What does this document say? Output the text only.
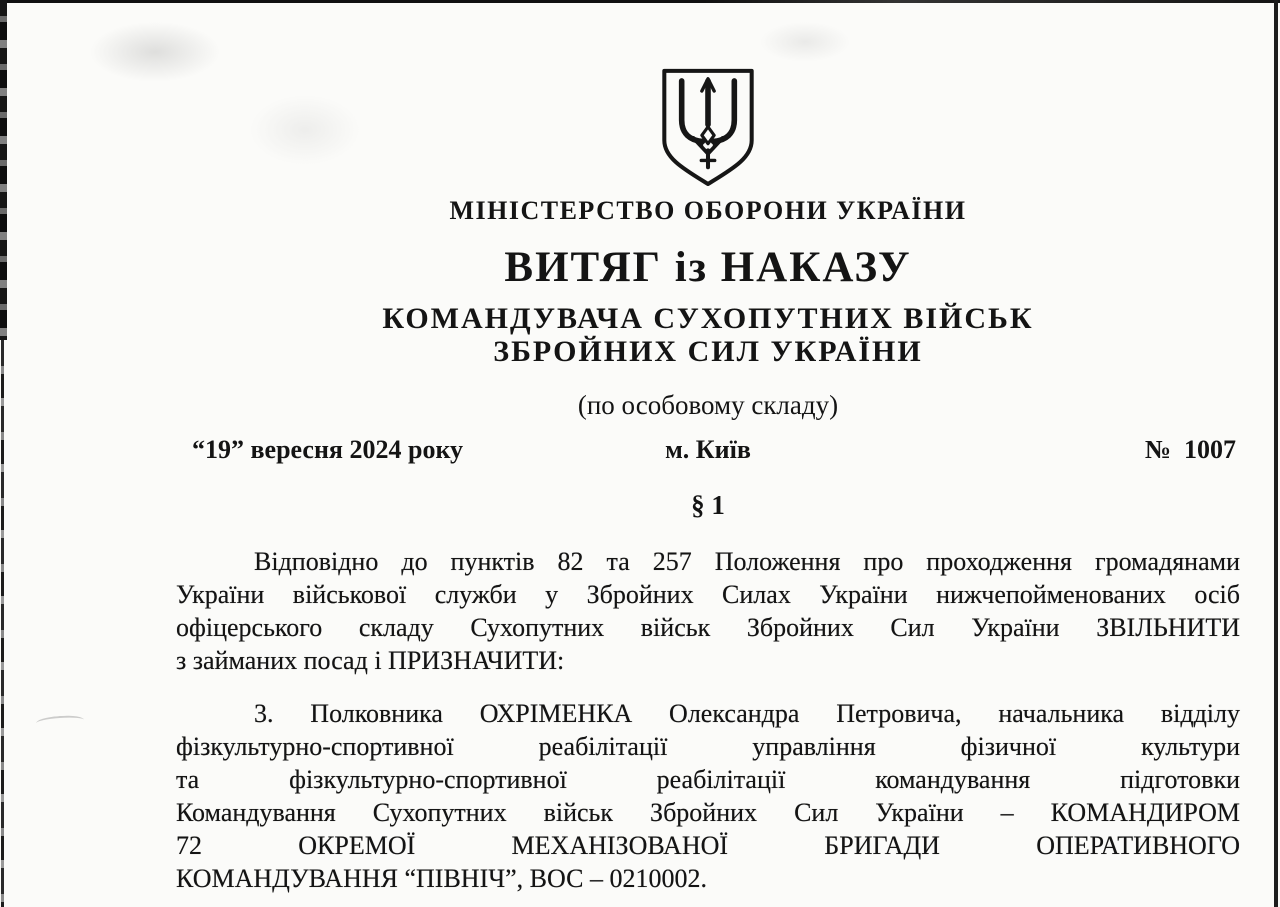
МІНІСТЕРСТВО ОБОРОНИ УКРАЇНИ
ВИТЯГ із НАКАЗУ
КОМАНДУВАЧА СУХОПУТНИХ ВІЙСЬК
ЗБРОЙНИХ СИЛ УКРАЇНИ
(по особовому складу)
“19” вересня 2024 року	м. Київ	№  1007
§ 1
Відповідно до пунктів 82 та 257 Положення про проходження громадянами
України військової служби у Збройних Силах України нижчепойменованих осіб
офіцерського складу Сухопутних військ Збройних Сил України ЗВІЛЬНИТИ
з займаних посад і ПРИЗНАЧИТИ:
3. Полковника ОХРІМЕНКА Олександра Петровича, начальника відділу
фізкультурно-спортивної реабілітації управління фізичної культури
та фізкультурно-спортивної реабілітації командування підготовки
Командування Сухопутних військ Збройних Сил України – КОМАНДИРОМ
72 ОКРЕМОЇ МЕХАНІЗОВАНОЇ БРИГАДИ ОПЕРАТИВНОГО
КОМАНДУВАННЯ “ПІВНІЧ”, ВОС – 0210002.
